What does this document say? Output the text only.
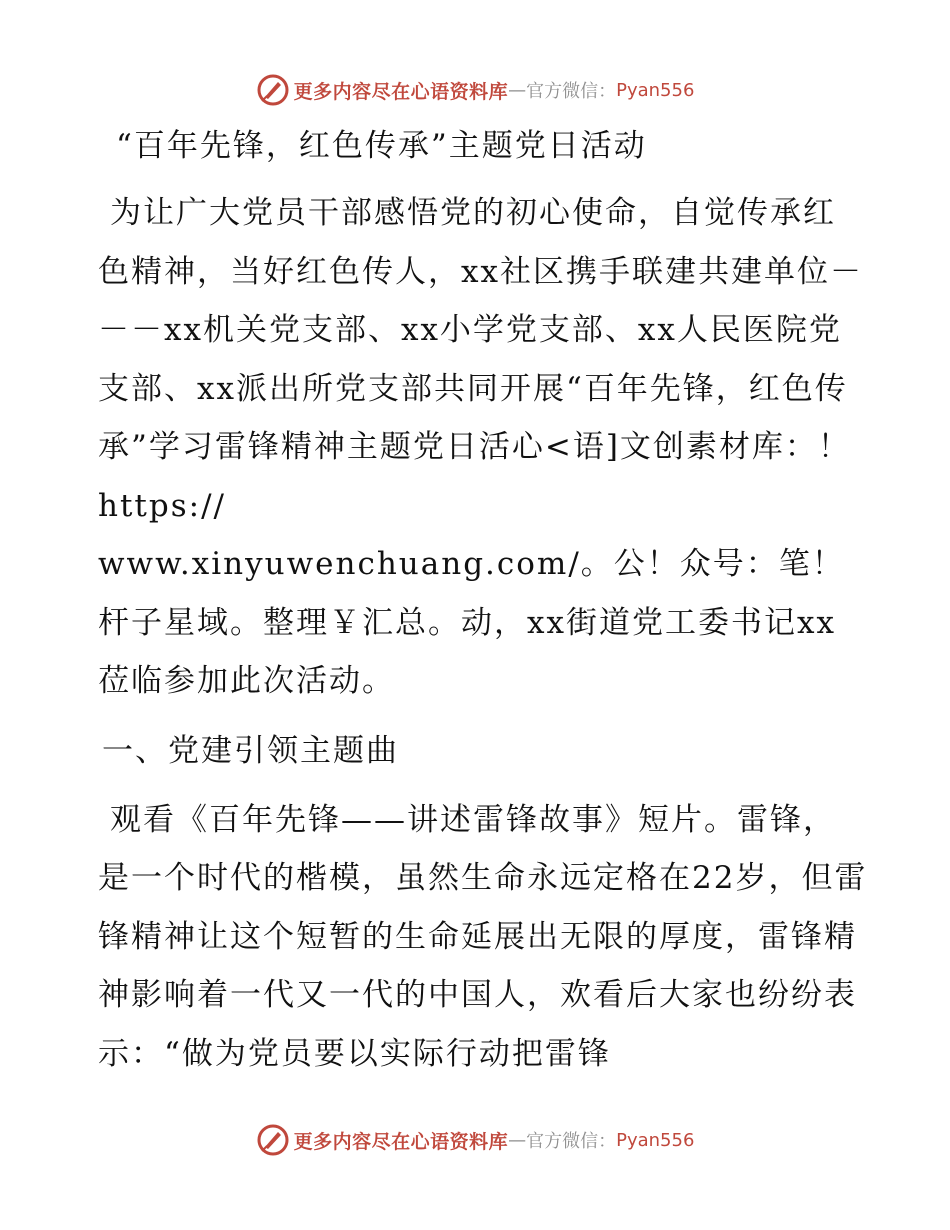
更多内容尽在心语资料库 — 官方微信： Pyan556
“百年先锋，红色传承”主题党日活动

为让广大党员干部感悟党的初心使命，自觉传承红色精神，当好红色传人，xx社区携手联建共建单位－－－xx机关党支部、xx小学党支部、xx人民医院党支部、xx派出所党支部共同开展“百年先锋，红色传承”学习雷锋精神主题党日活心<语]文创素材库：！https://

www.xinyuwenchuang.com/。公！众号：笔！杆子星域。整理￥汇总。动，xx街道党工委书记xx莅临参加此次活动。

一、党建引领主题曲

观看《百年先锋——讲述雷锋故事》短片。雷锋，是一个时代的楷模，虽然生命永远定格在22岁，但雷锋精神让这个短暂的生命延展出无限的厚度，雷锋精神影响着一代又一代的中国人，欢看后大家也纷纷表示：“做为党员要以实际行动把雷锋

更多内容尽在心语资料库 — 官方微信： Pyan556
